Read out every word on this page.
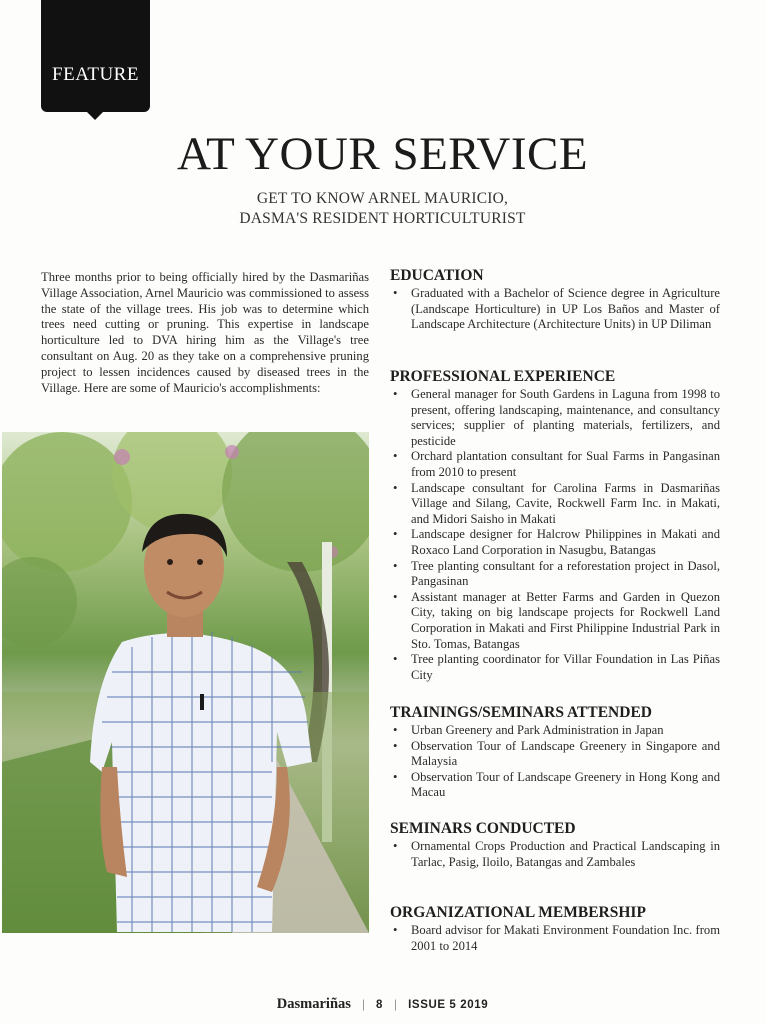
FEATURE
AT YOUR SERVICE
GET TO KNOW ARNEL MAURICIO,
DASMA'S RESIDENT HORTICULTURIST
Three months prior to being officially hired by the Dasmariñas Village Association, Arnel Mauricio was commissioned to assess the state of the village trees. His job was to determine which trees need cutting or pruning. This expertise in landscape horticulture led to DVA hiring him as the Village's tree consultant on Aug. 20 as they take on a comprehensive pruning project to lessen incidences caused by diseased trees in the Village. Here are some of Mauricio's accomplishments:
EDUCATION
• Graduated with a Bachelor of Science degree in Agriculture (Landscape Horticulture) in UP Los Baños and Master of Landscape Architecture (Architecture Units) in UP Diliman
PROFESSIONAL EXPERIENCE
• General manager for South Gardens in Laguna from 1998 to present, offering landscaping, maintenance, and consultancy services; supplier of planting materials, fertilizers, and pesticide
• Orchard plantation consultant for Sual Farms in Pangasinan from 2010 to present
• Landscape consultant for Carolina Farms in Dasmariñas Village and Silang, Cavite, Rockwell Farm Inc. in Makati, and Midori Saisho in Makati
• Landscape designer for Halcrow Philippines in Makati and Roxaco Land Corporation in Nasugbu, Batangas
• Tree planting consultant for a reforestation project in Dasol, Pangasinan
• Assistant manager at Better Farms and Garden in Quezon City, taking on big landscape projects for Rockwell Land Corporation in Makati and First Philippine Industrial Park in Sto. Tomas, Batangas
• Tree planting coordinator for Villar Foundation in Las Piñas City
TRAININGS/SEMINARS ATTENDED
• Urban Greenery and Park Administration in Japan
• Observation Tour of Landscape Greenery in Singapore and Malaysia
• Observation Tour of Landscape Greenery in Hong Kong and Macau
SEMINARS CONDUCTED
• Ornamental Crops Production and Practical Landscaping in Tarlac, Pasig, Iloilo, Batangas and Zambales
ORGANIZATIONAL MEMBERSHIP
• Board advisor for Makati Environment Foundation Inc. from 2001 to 2014
Dasmariñas | 8 | ISSUE 5 2019
